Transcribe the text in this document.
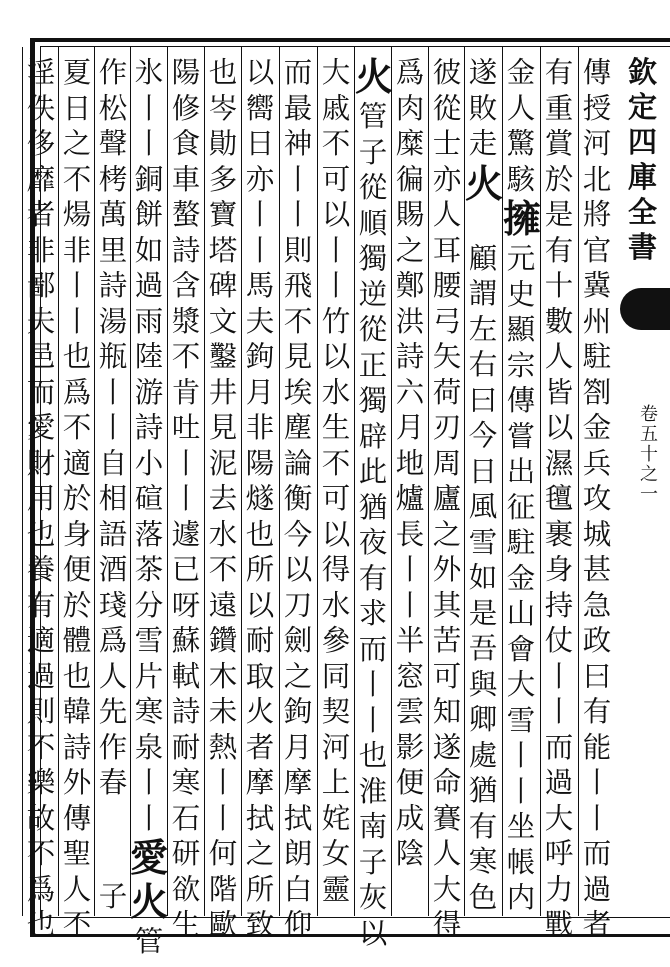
欽
定
四
庫
全
書
卷
五
十
之
一
傳
授
河
北
將
官
冀
州
駐
劄
金
兵
攻
城
甚
急
政
曰
有
能
丨
丨
而
過
者
有
重
賞
於
是
有
十
數
人
皆
以
濕
氊
裹
身
持
仗
丨
丨
而
過
大
呼
力
戰
金
人
驚
駭
擁
元
史
顯
宗
傳
嘗
出
征
駐
金
山
會
大
雪
丨
丨
坐
帳
内
遂
敗
走
火
顧
謂
左
右
曰
今
日
風
雪
如
是
吾
與
卿
處
猶
有
寒
色
彼
從
士
亦
人
耳
腰
弓
矢
荷
刃
周
廬
之
外
其
苦
可
知
遂
命
賽
人
大
得
爲
肉
糜
徧
賜
之
鄭
洪
詩
六
月
地
爐
長
丨
丨
半
窓
雲
影
便
成
陰
火
管
子
從
順
獨
逆
從
正
獨
辟
此
猶
夜
有
求
而
丨
丨
也
淮
南
子
灰
以
大
戚
不
可
以
丨
丨
竹
以
水
生
不
可
以
得
水
參
同
契
河
上
姹
女
靈
而
最
神
丨
丨
則
飛
不
見
埃
塵
論
衡
今
以
刀
劍
之
鉤
月
摩
拭
朗
白
仰
以
嚮
日
亦
丨
丨
馬
夫
鉤
月
非
陽
燧
也
所
以
耐
取
火
者
摩
拭
之
所
致
也
岑
勛
多
寶
塔
碑
文
鑿
井
見
泥
去
水
不
遠
鑽
木
未
熱
丨
丨
何
階
歐
陽
修
食
車
螯
詩
含
漿
不
肯
吐
丨
丨
遽
已
呀
蘇
軾
詩
耐
寒
石
研
欲
生
氷
丨
丨
銅
餅
如
過
雨
陸
游
詩
小
碹
落
茶
分
雪
片
寒
泉
丨
丨
愛
火
管
作
松
聲
栲
萬
里
詩
湯
瓶
丨
丨
自
相
語
酒
琖
爲
人
先
作
春
子
夏
日
之
不
煬
非
丨
丨
也
爲
不
適
於
身
便
於
體
也
韓
詩
外
傳
聖
人
不
淫
佚
侈
靡
者
非
鄙
夫
邑
而
愛
財
用
也
養
有
適
過
則
不
樂
故
不
爲
也
